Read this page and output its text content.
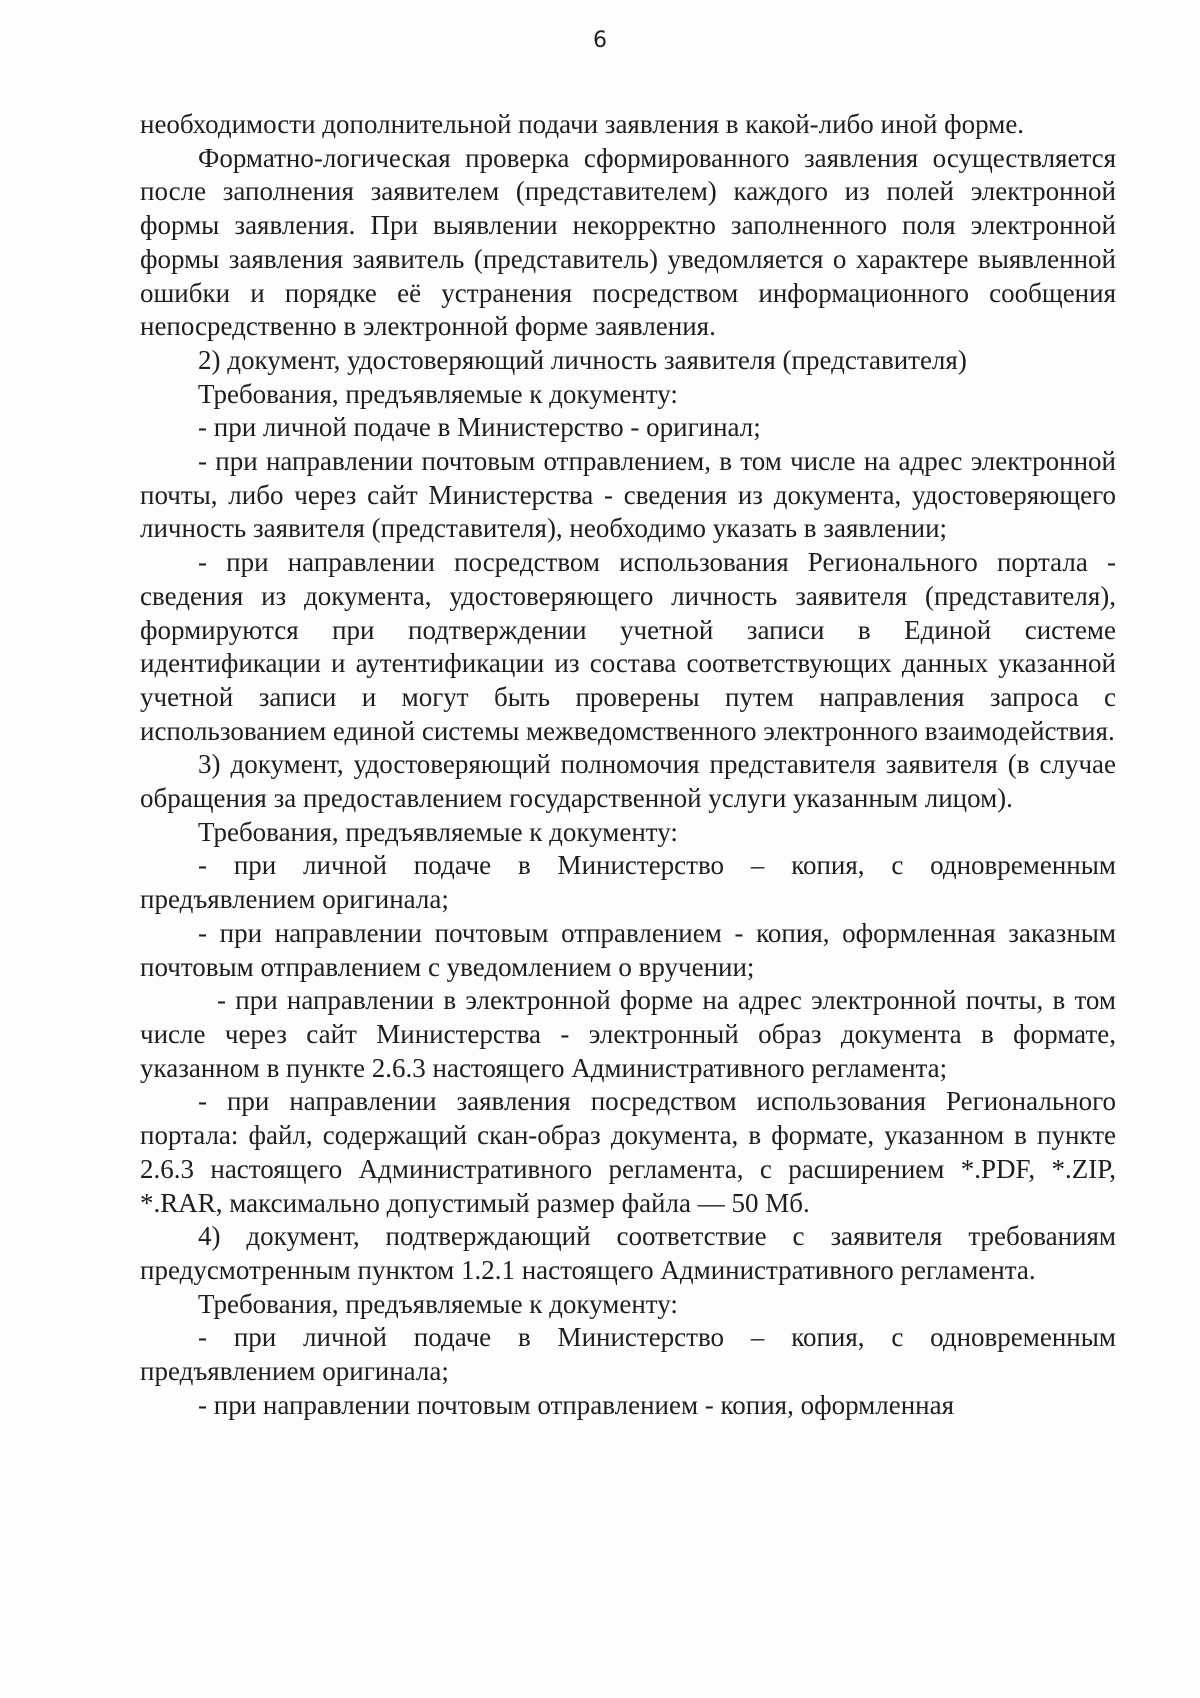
6

необходимости дополнительной подачи заявления в какой-либо иной форме.

Форматно-логическая проверка сформированного заявления осуществляется после заполнения заявителем (представителем) каждого из полей электронной формы заявления. При выявлении некорректно заполненного поля электронной формы заявления заявитель (представитель) уведомляется о характере выявленной ошибки и порядке её устранения посредством информационного сообщения непосредственно в электронной форме заявления.

2) документ, удостоверяющий личность заявителя (представителя)

Требования, предъявляемые к документу:

- при личной подаче в Министерство - оригинал;

- при направлении почтовым отправлением, в том числе на адрес электронной почты, либо через сайт Министерства - сведения из документа, удостоверяющего личность заявителя (представителя), необходимо указать в заявлении;

- при направлении посредством использования Регионального портала - сведения из документа, удостоверяющего личность заявителя (представителя), формируются при подтверждении учетной записи в Единой системе идентификации и аутентификации из состава соответствующих данных указанной учетной записи и могут быть проверены путем направления запроса с использованием единой системы межведомственного электронного взаимодействия.

3) документ, удостоверяющий полномочия представителя заявителя (в случае обращения за предоставлением государственной услуги указанным лицом).

Требования, предъявляемые к документу:

- при личной подаче в Министерство – копия, с одновременным предъявлением оригинала;

- при направлении почтовым отправлением - копия, оформленная заказным почтовым отправлением с уведомлением о вручении;

- при направлении в электронной форме на адрес электронной почты, в том числе через сайт Министерства - электронный образ документа в формате, указанном в пункте 2.6.3 настоящего Административного регламента;

- при направлении заявления посредством использования Регионального портала: файл, содержащий скан-образ документа, в формате, указанном в пункте 2.6.3 настоящего Административного регламента, с расширением *.PDF, *.ZIP, *.RAR, максимально допустимый размер файла — 50 Мб.

4) документ, подтверждающий соответствие с заявителя требованиям предусмотренным пунктом 1.2.1 настоящего Административного регламента.

Требования, предъявляемые к документу:

- при личной подаче в Министерство – копия, с одновременным предъявлением оригинала;

- при направлении почтовым отправлением - копия, оформленная
